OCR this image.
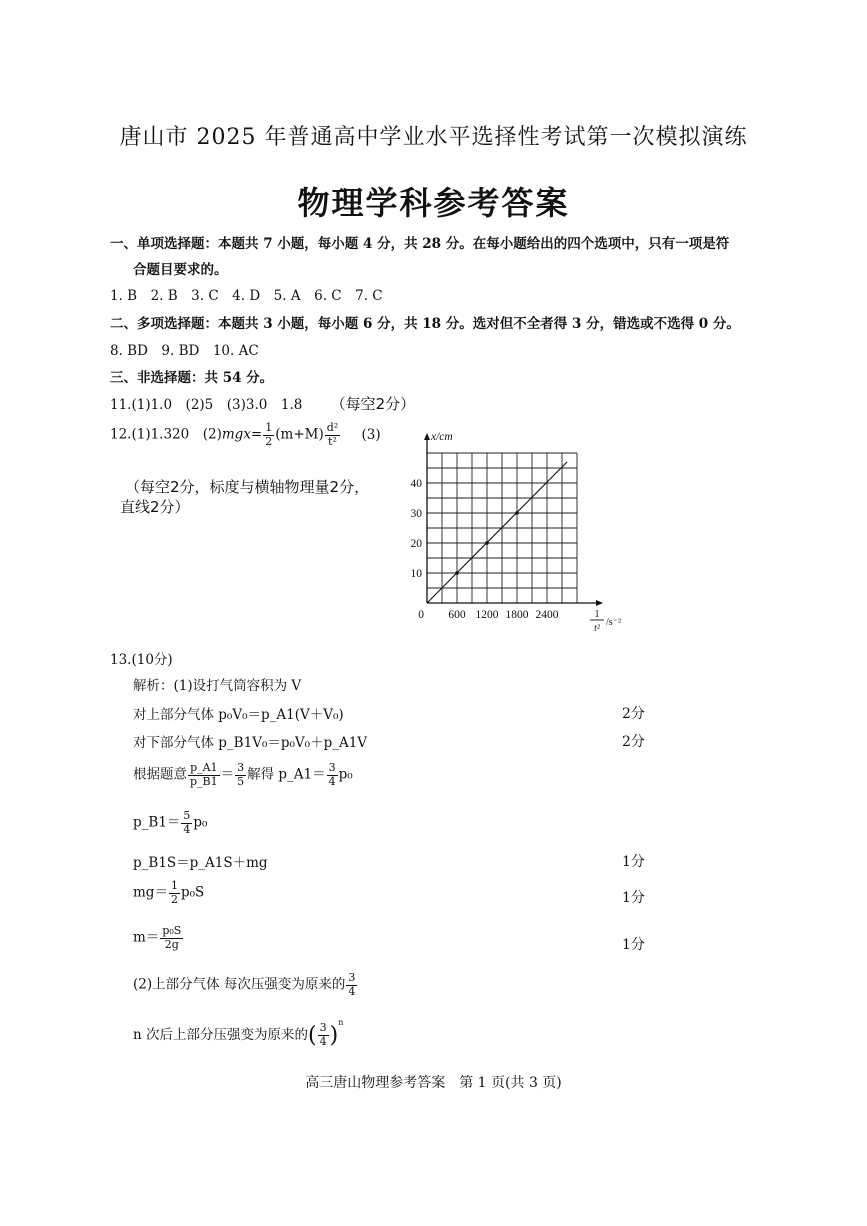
唐山市 2025 年普通高中学业水平选择性考试第一次模拟演练
物理学科参考答案
一、单项选择题：本题共 7 小题，每小题 4 分，共 28 分。在每小题给出的四个选项中，只有一项是符
合题目要求的。
1. B　2. B　3. C　4. D　5. A　6. C　7. C
二、多项选择题：本题共 3 小题，每小题 6 分，共 18 分。选对但不全者得 3 分，错选或不选得 0 分。
8. BD　9. BD　10. AC
三、非选择题：共 54 分。
11.(1)1.0　(2)5　(3)3.0　1.8 （每空2分）
12.(1)1.320　$(2)mgx= \frac{1}{2} (m+M) \frac{\text{d²}}{\text{t²}} (3)$
（每空2分，标度与横轴物理量2分，
直线2分）
600 1200 1800 2400
10
20
30
40
0
x/cm
1
t²
/s⁻²
13.(10分)
解析：(1)设打气筒容积为 V
对上部分气体 p₀V₀＝p_A1(V＋V₀)	2分
对下部分气体 p_B1V₀＝p₀V₀＋p_A1V	2分
根据题意 $\frac{p\_A1}{p\_B1} = \frac{3}{5}$ 解得 p_A1＝ $\frac{3}{4} p_0$
p_B1＝ $\frac{5}{4} p_0$
p_B1S＝p_A1S＋mg	1分
$mg= \frac{1}{2} p_0S$	1分
$m= \frac{\text{p₀S}}{2g}$	1分
(2)上部分气体 每次压强变为原来的 $\frac{3}{4}$
n 次后上部分压强变为原来的( $\frac{3}{4} )^n$
高三唐山物理参考答案　第 1 页(共 3 页)
